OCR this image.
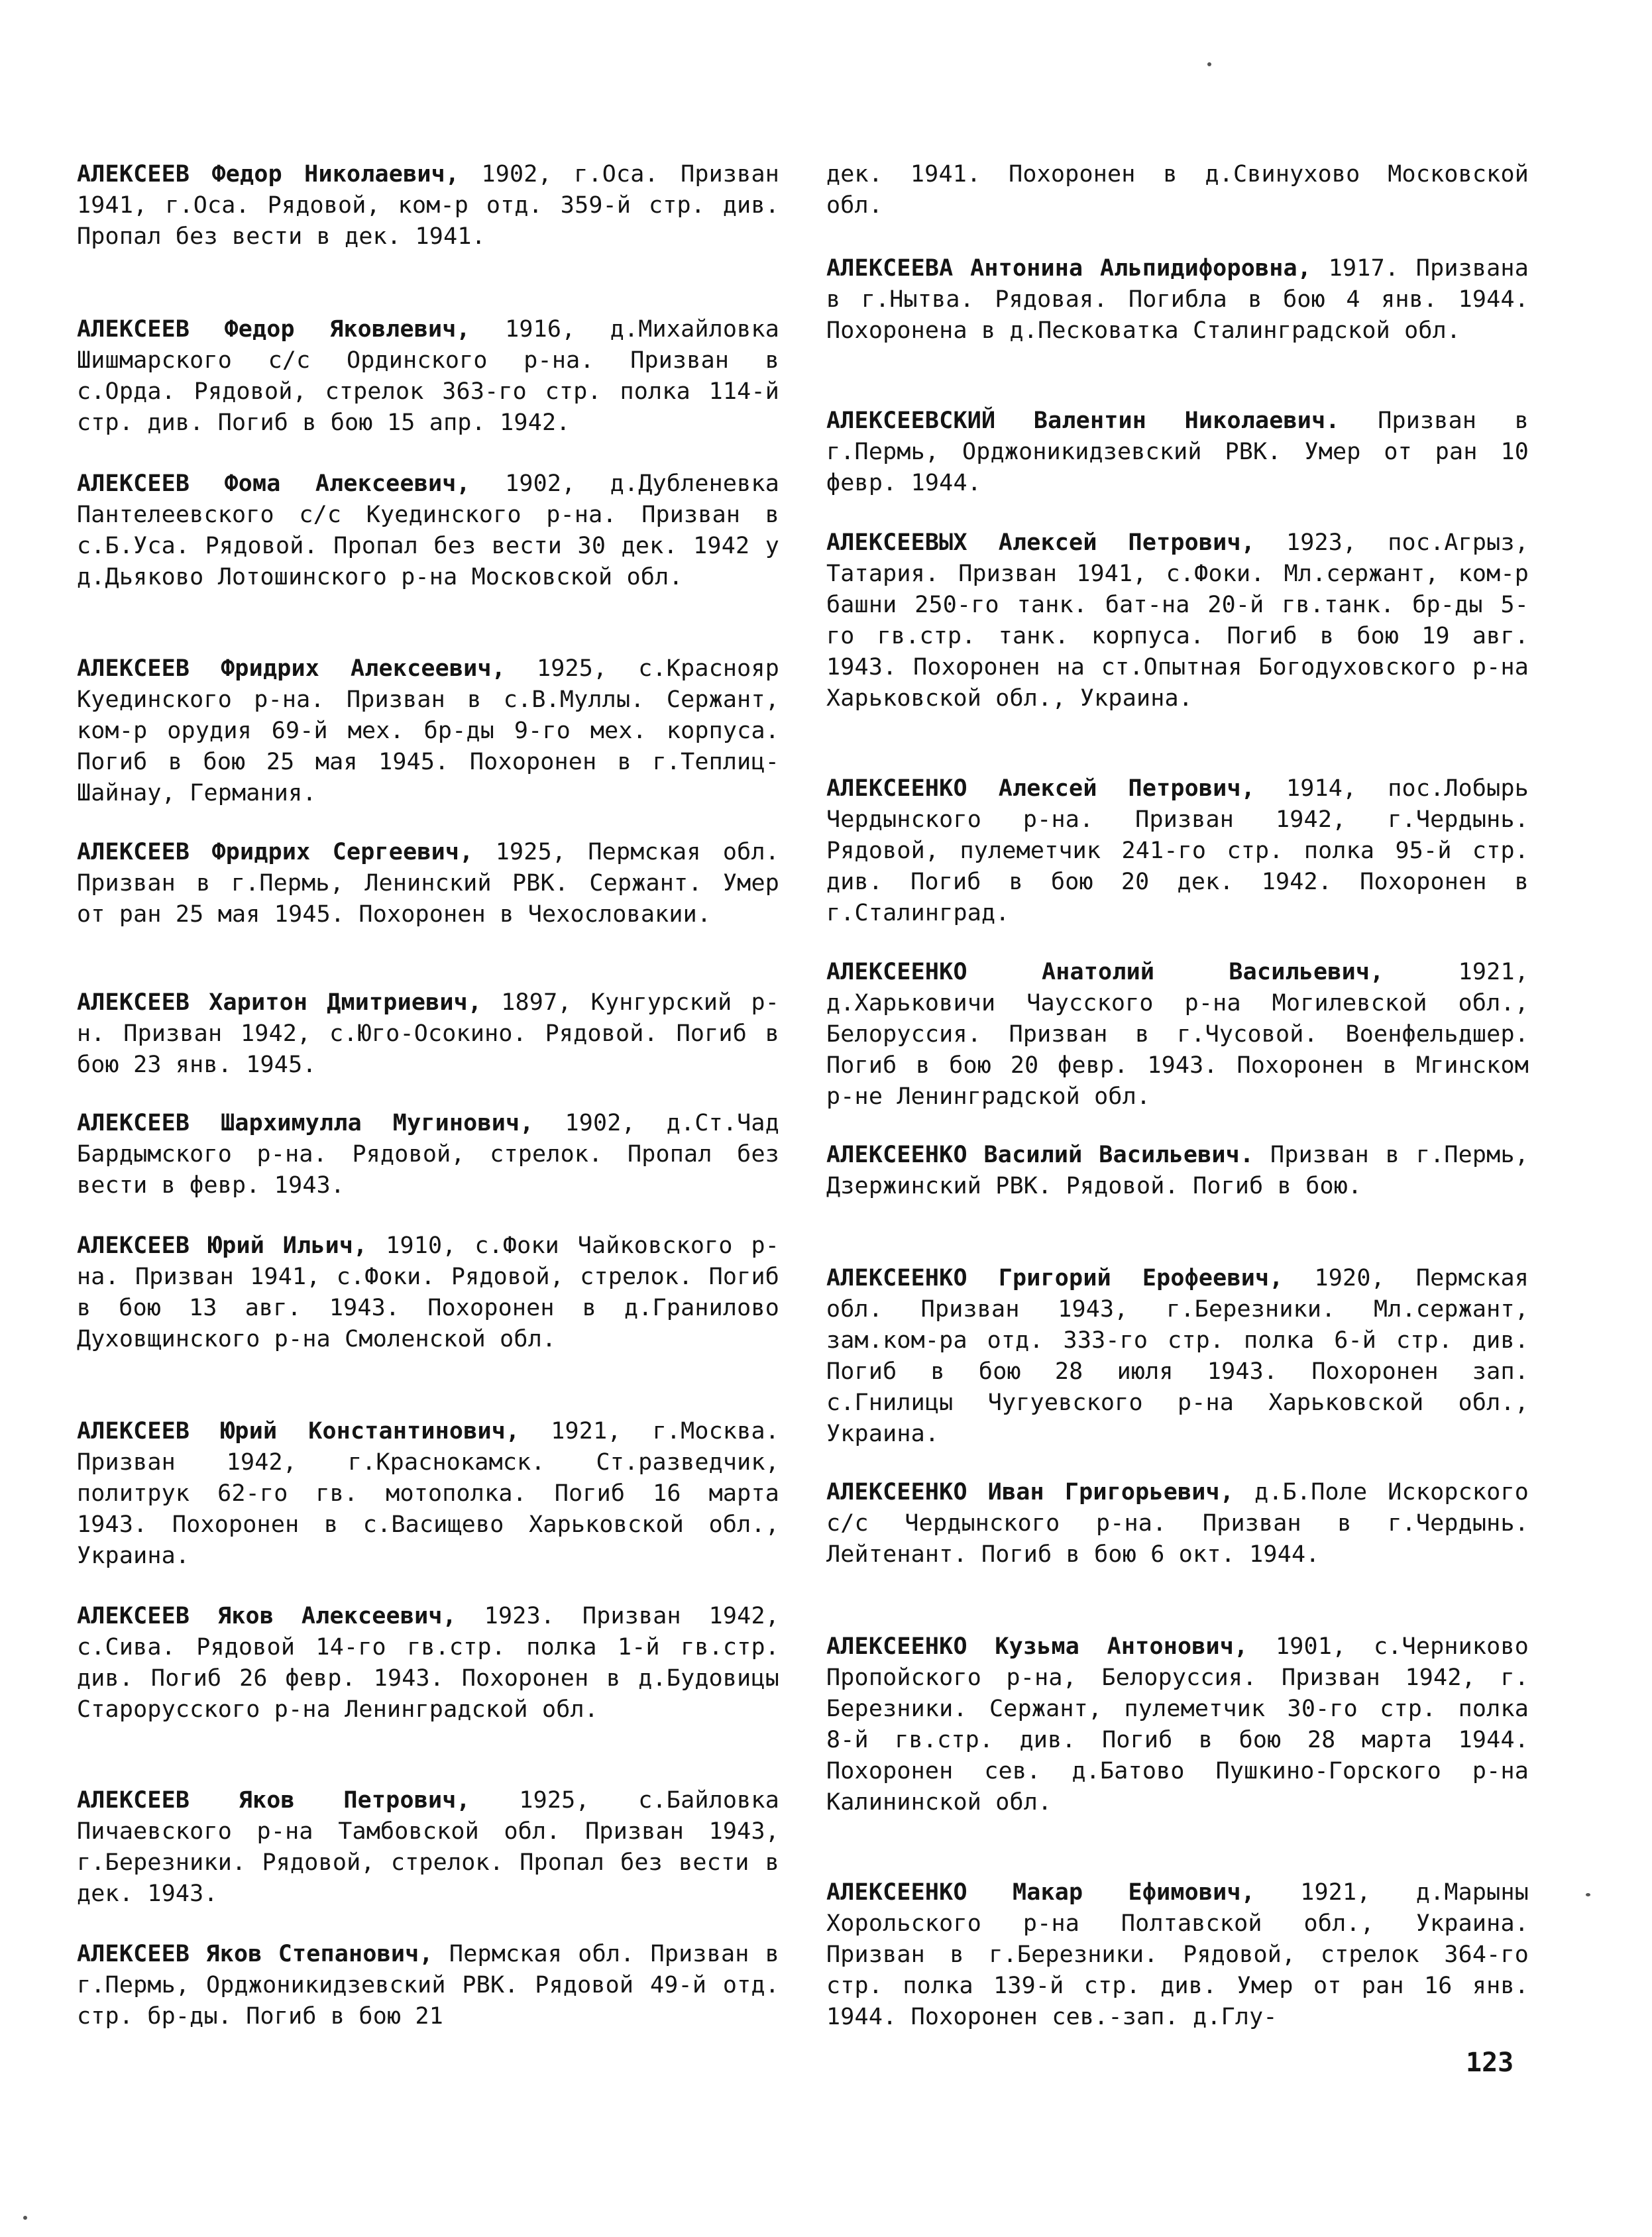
АЛЕКСЕЕВ Федор Николаевич, 1902, г.Оса. Призван 1941, г.Оса. Рядовой, ком-р отд. 359-й стр. див. Пропал без вести в дек. 1941.

АЛЕКСЕЕВ Федор Яковлевич, 1916, д.Михайловка Шишмарского с/с Ординского р-на. Призван в с.Орда. Рядовой, стрелок 363-го стр. полка 114-й стр. див. Погиб в бою 15 апр. 1942.

АЛЕКСЕЕВ Фома Алексеевич, 1902, д.Дубленевка Пантелеевского с/с Куединского р-на. Призван в с.Б.Уса. Рядовой. Пропал без вести 30 дек. 1942 у д.Дьяково Лотошинского р-на Московской обл.

АЛЕКСЕЕВ Фридрих Алексеевич, 1925, с.Краснояр Куединского р-на. Призван в с.В.Муллы. Сержант, ком-р орудия 69-й мех. бр-ды 9-го мех. корпуса. Погиб в бою 25 мая 1945. Похоронен в г.Теплиц-Шайнау, Германия.

АЛЕКСЕЕВ Фридрих Сергеевич, 1925, Пермская обл. Призван в г.Пермь, Ленинский РВК. Сержант. Умер от ран 25 мая 1945. Похоронен в Чехословакии.

АЛЕКСЕЕВ Харитон Дмитриевич, 1897, Кунгурский р-н. Призван 1942, с.Юго-Осокино. Рядовой. Погиб в бою 23 янв. 1945.

АЛЕКСЕЕВ Шархимулла Мугинович, 1902, д.Ст.Чад Бардымского р-на. Рядовой, стрелок. Пропал без вести в февр. 1943.

АЛЕКСЕЕВ Юрий Ильич, 1910, с.Фоки Чайковского р-на. Призван 1941, с.Фоки. Рядовой, стрелок. Погиб в бою 13 авг. 1943. Похоронен в д.Гранилово Духовщинского р-на Смоленской обл.

АЛЕКСЕЕВ Юрий Константинович, 1921, г.Москва. Призван 1942, г.Краснокамск. Ст.разведчик, политрук 62-го гв. мотополка. Погиб 16 марта 1943. Похоронен в с.Васищево Харьковской обл., Украина.

АЛЕКСЕЕВ Яков Алексеевич, 1923. Призван 1942, с.Сива. Рядовой 14-го гв.стр. полка 1-й гв.стр. див. Погиб 26 февр. 1943. Похоронен в д.Будовицы Старорусского р-на Ленинградской обл.

АЛЕКСЕЕВ Яков Петрович, 1925, с.Байловка Пичаевского р-на Тамбовской обл. Призван 1943, г.Березники. Рядовой, стрелок. Пропал без вести в дек. 1943.

АЛЕКСЕЕВ Яков Степанович, Пермская обл. Призван в г.Пермь, Орджоникидзевский РВК. Рядовой 49-й отд. стр. бр-ды. Погиб в бою 21

дек. 1941. Похоронен в д.Свинухово Московской обл.

АЛЕКСЕЕВА Антонина Альпидифоровна, 1917. Призвана в г.Нытва. Рядовая. Погибла в бою 4 янв. 1944. Похоронена в д.Песковатка Сталинградской обл.

АЛЕКСЕЕВСКИЙ Валентин Николаевич. Призван в г.Пермь, Орджоникидзевский РВК. Умер от ран 10 февр. 1944.

АЛЕКСЕЕВЫХ Алексей Петрович, 1923, пос.Агрыз, Татария. Призван 1941, с.Фоки. Мл.сержант, ком-р башни 250-го танк. бат-на 20-й гв.танк. бр-ды 5-го гв.стр. танк. корпуса. Погиб в бою 19 авг. 1943. Похоронен на ст.Опытная Богодуховского р-на Харьковской обл., Украина.

АЛЕКСЕЕНКО Алексей Петрович, 1914, пос.Лобырь Чердынского р-на. Призван 1942, г.Чердынь. Рядовой, пулеметчик 241-го стр. полка 95-й стр. див. Погиб в бою 20 дек. 1942. Похоронен в г.Сталинград.

АЛЕКСЕЕНКО	Анатолий Васильевич,	1921, д.Харьковичи Чаусского р-на Могилевской обл., Белоруссия. Призван в г.Чусовой. Военфельдшер. Погиб в бою 20 февр. 1943. Похоронен в Мгинском р-не Ленинградской обл.

АЛЕКСЕЕНКО Василий Васильевич. Призван в г.Пермь, Дзержинский РВК. Рядовой. Погиб в бою.

АЛЕКСЕЕНКО Григорий Ерофеевич, 1920, Пермская обл. Призван 1943, г.Березники. Мл.сержант, зам.ком-ра отд. 333-го стр. полка 6-й стр. див. Погиб в бою 28 июля 1943. Похоронен зап. с.Гнилицы Чугуевского р-на Харьковской обл., Украина.

АЛЕКСЕЕНКО Иван Григорьевич, д.Б.Поле Искорского с/с Чердынского р-на. Призван в г.Чердынь. Лейтенант. Погиб в бою 6 окт. 1944.

АЛЕКСЕЕНКО Кузьма Антонович, 1901, с.Черниково Пропойского р-на, Белоруссия. Призван 1942, г. Березники. Сержант, пулеметчик 30-го стр. полка 8-й гв.стр. див. Погиб в бою 28 марта 1944. Похоронен сев. д.Батово Пушкино-Горского р-на Калининской обл.

АЛЕКСЕЕНКО Макар Ефимович, 1921, д.Марыны Хорольского р-на Полтавской обл., Украина. Призван в г.Березники. Рядовой, стрелок 364-го стр. полка 139-й стр. див. Умер от ран 16 янв. 1944. Похоронен сев.-зап. д.Глу-

123
